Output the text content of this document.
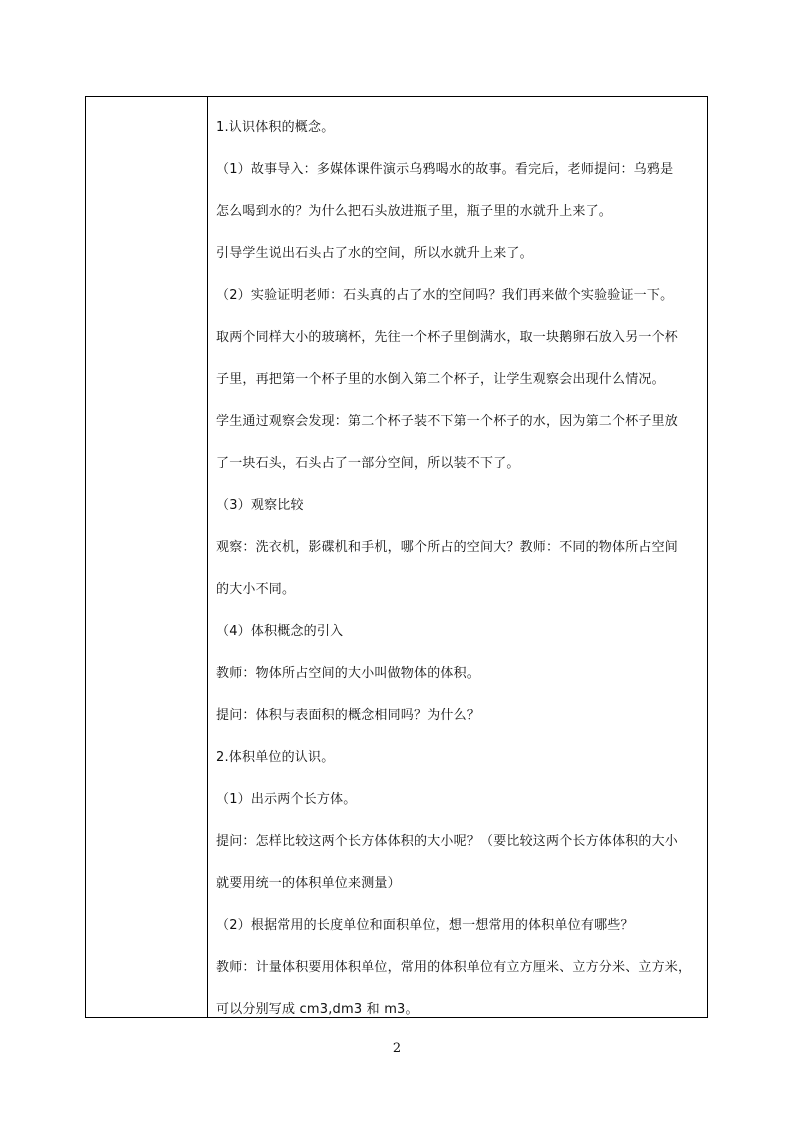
1.认识体积的概念。
（1）故事导入：多媒体课件演示乌鸦喝水的故事。看完后，老师提问：乌鸦是
怎么喝到水的？为什么把石头放进瓶子里，瓶子里的水就升上来了。
引导学生说出石头占了水的空间，所以水就升上来了。
（2）实验证明老师：石头真的占了水的空间吗？我们再来做个实验验证一下。
取两个同样大小的玻璃杯，先往一个杯子里倒满水，取一块鹅卵石放入另一个杯
子里，再把第一个杯子里的水倒入第二个杯子，让学生观察会出现什么情况。
学生通过观察会发现：第二个杯子装不下第一个杯子的水，因为第二个杯子里放
了一块石头，石头占了一部分空间，所以装不下了。
（3）观察比较
观察：洗衣机，影碟机和手机，哪个所占的空间大？教师：不同的物体所占空间
的大小不同。
（4）体积概念的引入
教师：物体所占空间的大小叫做物体的体积。
提问：体积与表面积的概念相同吗？为什么？
2.体积单位的认识。
（1）出示两个长方体。
提问：怎样比较这两个长方体体积的大小呢？（要比较这两个长方体体积的大小
就要用统一的体积单位来测量）
（2）根据常用的长度单位和面积单位，想一想常用的体积单位有哪些？
教师：计量体积要用体积单位，常用的体积单位有立方厘米、立方分米、立方米，
可以分别写成 cm3,dm3 和 m3。
2
